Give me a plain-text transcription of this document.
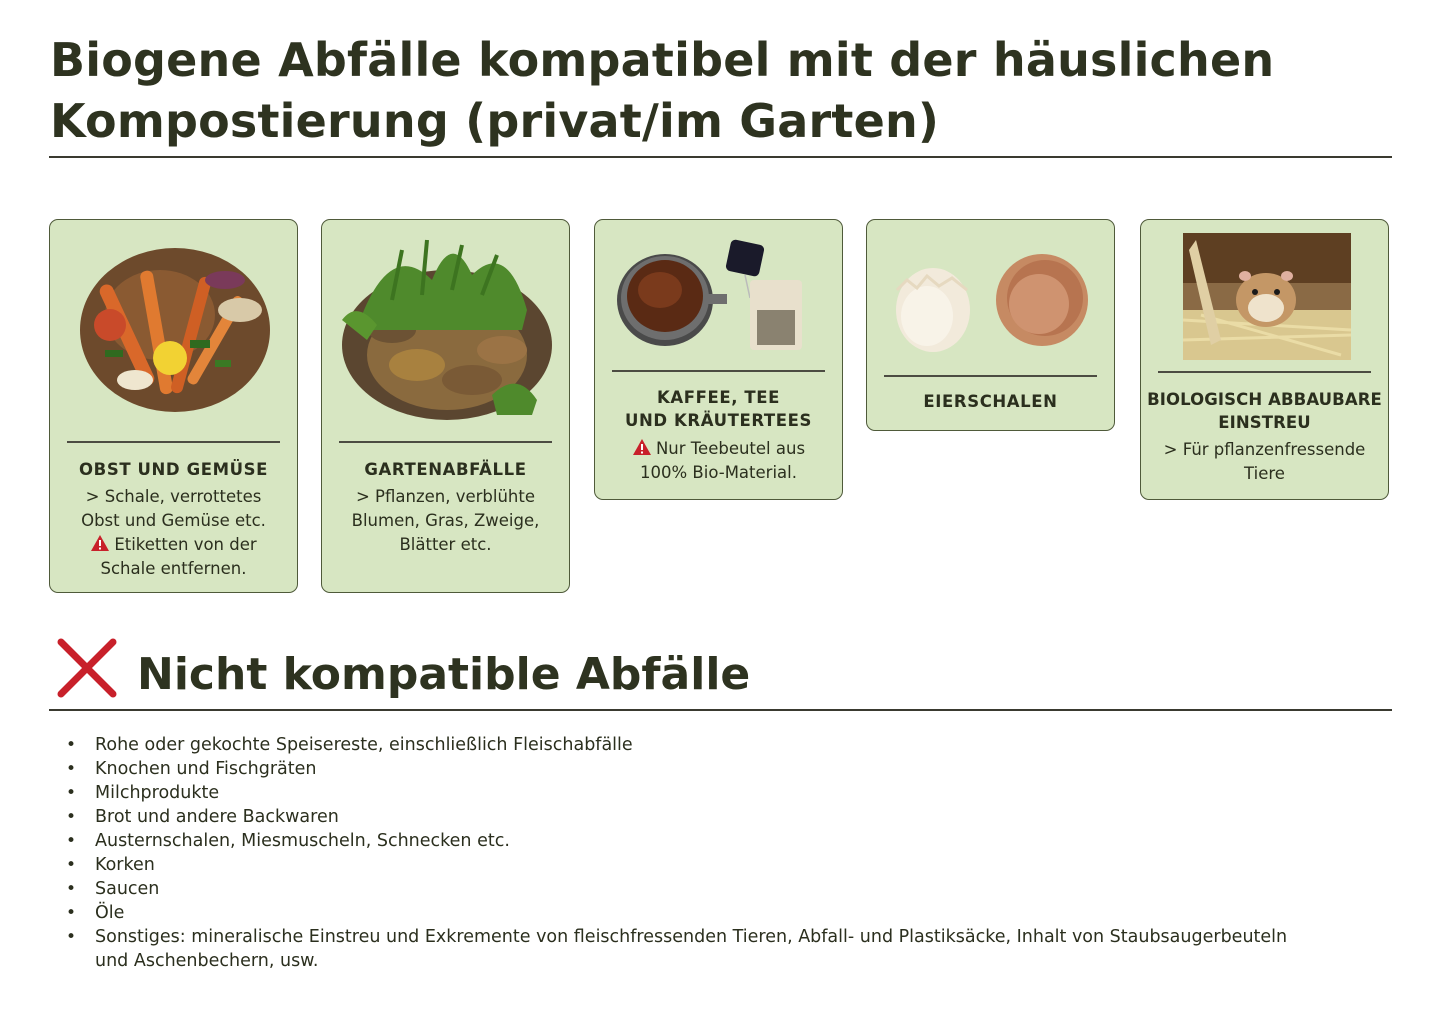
Biogene Abfälle kompatibel mit der häuslichen
Kompostierung (privat/im Garten)
OBST UND GEMÜSE
> Schale, verrottetes
Obst und Gemüse etc.
Etiketten von der
Schale entfernen.
GARTENABFÄLLE
> Pflanzen, verblühte
Blumen, Gras, Zweige,
Blätter etc.
KAFFEE, TEE
UND KRÄUTERTEES
Nur Teebeutel aus
100% Bio-Material.
EIERSCHALEN	BIOLOGISCH ABBAUBARE
EINSTREU
> Für pflanzenfressende
Tiere
Nicht kompatible Abfälle
• Rohe oder gekochte Speisereste, einschließlich Fleischabfälle
• Knochen und Fischgräten
• Milchprodukte
• Brot und andere Backwaren
• Austernschalen, Miesmuscheln, Schnecken etc.
• Korken
• Saucen
• Öle
• Sonstiges: mineralische Einstreu und Exkremente von fleischfressenden Tieren, Abfall- und Plastiksäcke, Inhalt von Staubsaugerbeuteln
und Aschenbechern, usw.
